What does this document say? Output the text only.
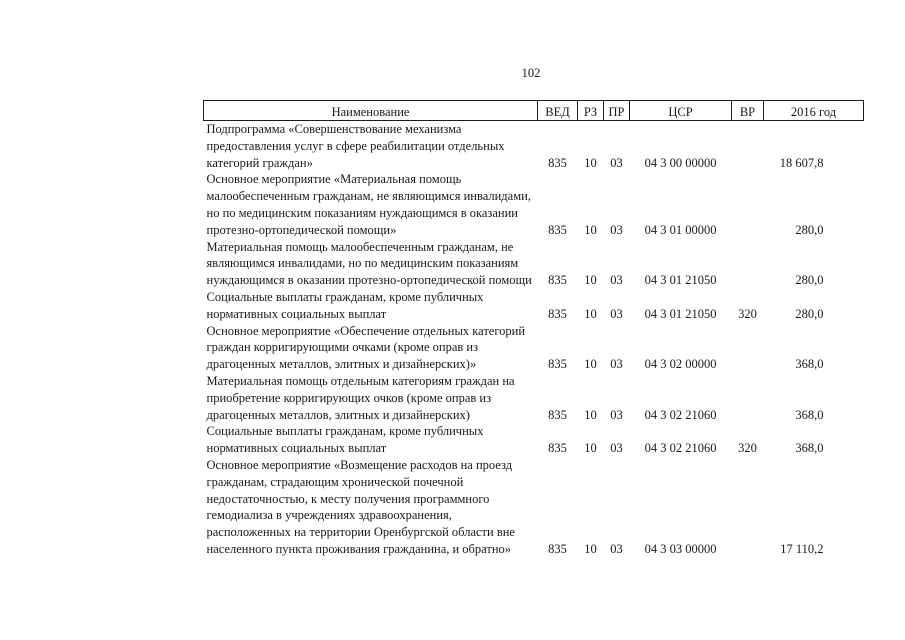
102
Наименование	ВЕД	РЗ	ПР	ЦСР	ВР	2016 год
Подпрограмма «Совершенствование механизма предоставления услуг в сфере реабилитации отдельных категорий граждан»	835	10	03	04 3 00 00000		18 607,8
Основное мероприятие «Материальная помощь малообеспеченным гражданам, не являющимся инвалидами, но по медицинским показаниям нуждающимся в оказании протезно-ортопедической помощи»	835	10	03	04 3 01 00000		280,0
Материальная помощь малообеспеченным гражданам, не являющимся инвалидами, но по медицинским показаниям нуждающимся в оказании протезно-ортопедической помощи	835	10	03	04 3 01 21050		280,0
Социальные выплаты гражданам, кроме публичных нормативных социальных выплат	835	10	03	04 3 01 21050	320	280,0
Основное мероприятие «Обеспечение отдельных категорий граждан корригирующими очками (кроме оправ из драгоценных металлов, элитных и дизайнерских)»	835	10	03	04 3 02 00000		368,0
Материальная помощь отдельным категориям граждан на приобретение корригирующих очков (кроме оправ из драгоценных металлов, элитных и дизайнерских)	835	10	03	04 3 02 21060		368,0
Социальные выплаты гражданам, кроме публичных нормативных социальных выплат	835	10	03	04 3 02 21060	320	368,0
Основное мероприятие «Возмещение расходов на проезд гражданам, страдающим хронической почечной недостаточностью, к месту получения программного гемодиализа в учреждениях здравоохранения, расположенных на территории Оренбургской области вне населенного пункта проживания гражданина, и обратно»	835	10	03	04 3 03 00000		17 110,2
